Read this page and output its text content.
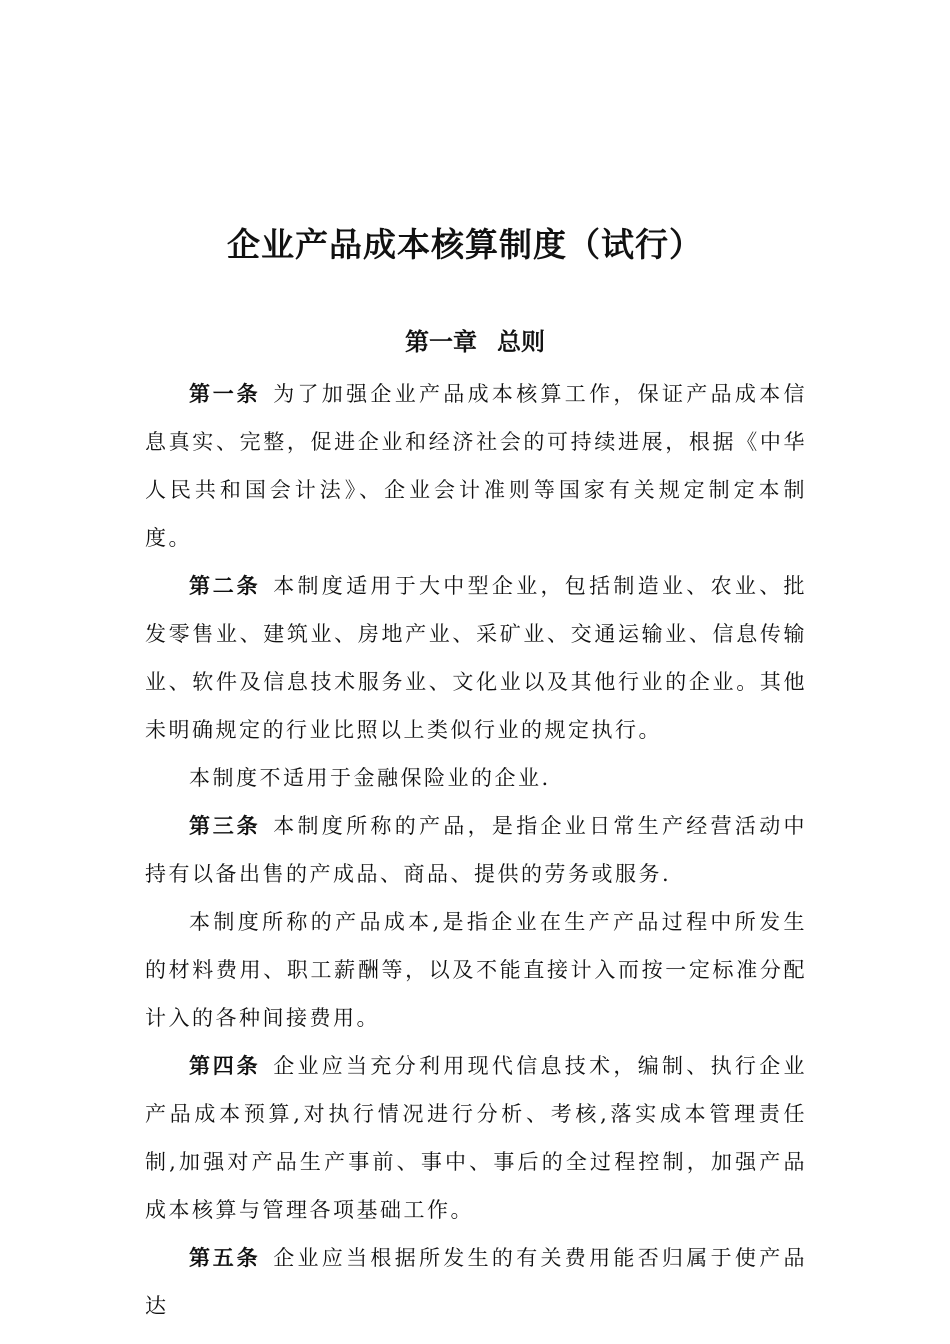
企业产品成本核算制度（试行）
第一章 总则

第一条 为了加强企业产品成本核算工作，保证产品成本信息真实、完整，促进企业和经济社会的可持续进展，根据《中华人民共和国会计法》、企业会计准则等国家有关规定制定本制度。

第二条 本制度适用于大中型企业，包括制造业、农业、批发零售业、建筑业、房地产业、采矿业、交通运输业、信息传输业、软件及信息技术服务业、文化业以及其他行业的企业。其他未明确规定的行业比照以上类似行业的规定执行。

本制度不适用于金融保险业的企业.

第三条 本制度所称的产品，是指企业日常生产经营活动中持有以备出售的产成品、商品、提供的劳务或服务.

本制度所称的产品成本,是指企业在生产产品过程中所发生的材料费用、职工薪酬等，以及不能直接计入而按一定标准分配计入的各种间接费用。

第四条 企业应当充分利用现代信息技术，编制、执行企业产品成本预算,对执行情况进行分析、考核,落实成本管理责任制,加强对产品生产事前、事中、事后的全过程控制，加强产品成本核算与管理各项基础工作。

第五条 企业应当根据所发生的有关费用能否归属于使产品达
